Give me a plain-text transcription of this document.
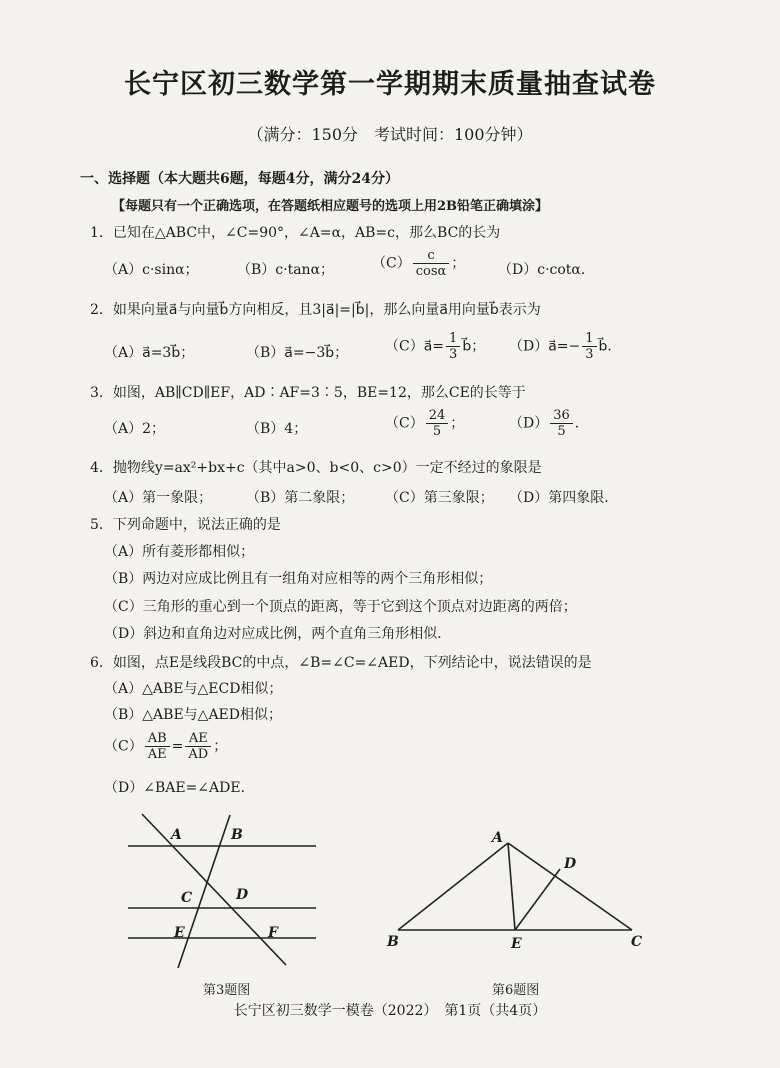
长宁区初三数学第一学期期末质量抽查试卷
（满分：150分　考试时间：100分钟）
一、选择题（本大题共6题，每题4分，满分24分）
【每题只有一个正确选项，在答题纸相应题号的选项上用2B铅笔正确填涂】
1．已知在△ABC中，∠C=90°，∠A=α，AB=c，那么BC的长为
（A）c·sinα；	（B）c·tanα；	$(C) \frac{c}{\cos\alpha}$ ； （D）c·cotα．
2．如果向量a⃗与向量b⃗方向相反，且3|a⃗|=|b⃗|，那么向量a⃗用向量b⃗表示为
（A）a⃗=3b⃗；	（B）a⃗=−3b⃗；	（C）a⃗= $\frac{1}{3}$ b⃗； （D）a⃗=− $\frac{1}{3}$ b⃗．
3．如图，AB∥CD∥EF，AD∶AF=3∶5，BE=12，那么CE的长等于
（A）2；	（B）4；	$(C) \frac{24}{5}$ ；	$(D) \frac{36}{5}$ ．
4．抛物线y=ax²+bx+c（其中a>0、b<0、c>0）一定不经过的象限是
（A）第一象限； （B）第二象限； （C）第三象限； （D）第四象限．
5．下列命题中，说法正确的是
（A）所有菱形都相似；
（B）两边对应成比例且有一组角对应相等的两个三角形相似；
（C）三角形的重心到一个顶点的距离，等于它到这个顶点对边距离的两倍；
（D）斜边和直角边对应成比例，两个直角三角形相似．
6．如图，点E是线段BC的中点，∠B=∠C=∠AED，下列结论中，说法错误的是
（A）△ABE与△ECD相似；
（B）△ABE与△AED相似；
$(C) \frac{AB}{AE} = \frac{AE}{AD}$ ；
（D）∠BAE=∠ADE．
A	B
C	D
E	F
A
B	C
D
E
第3题图	第6题图
长宁区初三数学一模卷（2022）　第1页（共4页）
